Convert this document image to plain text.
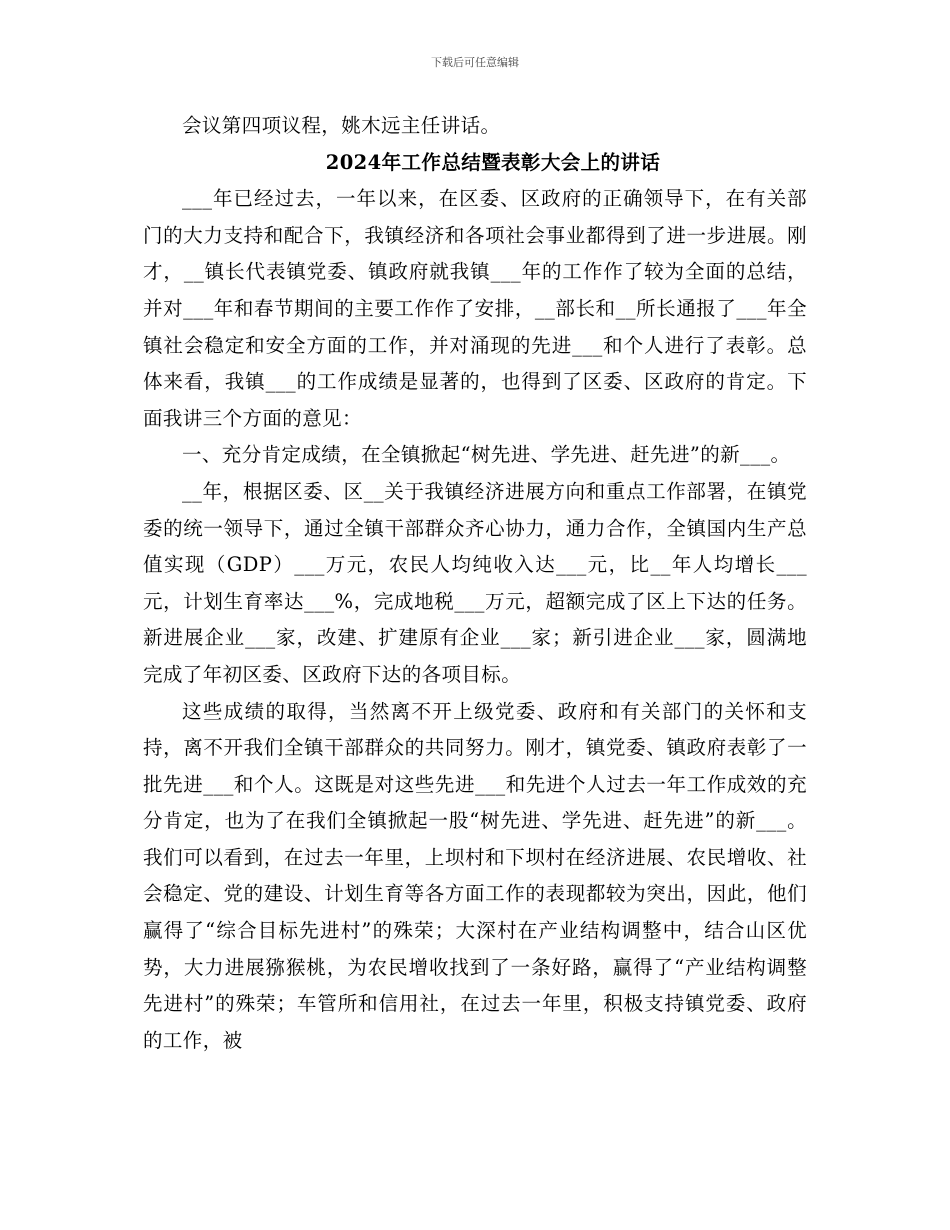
下载后可任意编辑

会议第四项议程，姚木远主任讲话。

2024年工作总结暨表彰大会上的讲话

___年已经过去，一年以来，在区委、区政府的正确领导下，在有关部门的大力支持和配合下，我镇经济和各项社会事业都得到了进一步进展。刚才，__镇长代表镇党委、镇政府就我镇___年的工作作了较为全面的总结，并对___年和春节期间的主要工作作了安排，__部长和__所长通报了___年全镇社会稳定和安全方面的工作，并对涌现的先进___和个人进行了表彰。总体来看，我镇___的工作成绩是显著的，也得到了区委、区政府的肯定。下面我讲三个方面的意见：

一、充分肯定成绩，在全镇掀起“树先进、学先进、赶先进”的新___。

__年，根据区委、区__关于我镇经济进展方向和重点工作部署，在镇党委的统一领导下，通过全镇干部群众齐心协力，通力合作，全镇国内生产总值实现（GDP）___万元，农民人均纯收入达___元，比__年人均增长___元，计划生育率达___%，完成地税___万元，超额完成了区上下达的任务。新进展企业___家，改建、扩建原有企业___家；新引进企业___家，圆满地完成了年初区委、区政府下达的各项目标。

这些成绩的取得，当然离不开上级党委、政府和有关部门的关怀和支持，离不开我们全镇干部群众的共同努力。刚才，镇党委、镇政府表彰了一批先进___和个人。这既是对这些先进___和先进个人过去一年工作成效的充分肯定，也为了在我们全镇掀起一股“树先进、学先进、赶先进”的新___。我们可以看到，在过去一年里，上坝村和下坝村在经济进展、农民增收、社会稳定、党的建设、计划生育等各方面工作的表现都较为突出，因此，他们赢得了“综合目标先进村”的殊荣；大深村在产业结构调整中，结合山区优势，大力进展猕猴桃，为农民增收找到了一条好路，赢得了“产业结构调整先进村”的殊荣；车管所和信用社，在过去一年里，积极支持镇党委、政府的工作，被
